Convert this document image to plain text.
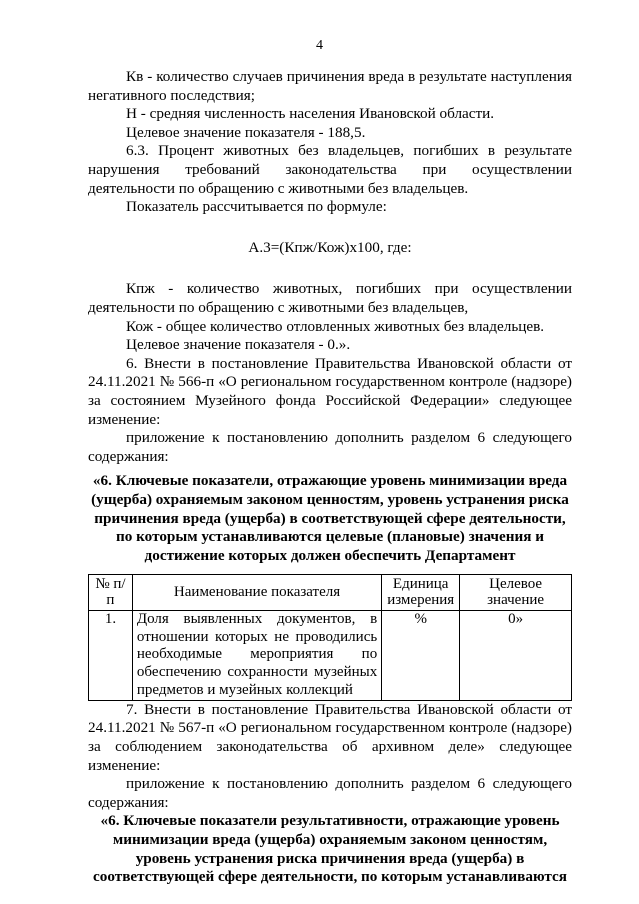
4

Кв - количество случаев причинения вреда в результате наступления негативного последствия;

Н - средняя численность населения Ивановской области.

Целевое значение показателя - 188,5.

6.3. Процент животных без владельцев, погибших в результате нарушения требований законодательства при осуществлении деятельности по обращению с животными без владельцев.

Показатель рассчитывается по формуле:

А.3=(Кпж/Кож)х100, где:

Кпж - количество животных, погибших при осуществлении деятельности по обращению с животными без владельцев,

Кож - общее количество отловленных животных без владельцев.

Целевое значение показателя - 0.».

6. Внести в постановление Правительства Ивановской области от 24.11.2021 № 566-п «О региональном государственном контроле (надзоре) за состоянием Музейного фонда Российской Федерации» следующее изменение:

приложение к постановлению дополнить разделом 6 следующего содержания:

«6. Ключевые показатели, отражающие уровень минимизации вреда (ущерба) охраняемым законом ценностям, уровень устранения риска причинения вреда (ущерба) в соответствующей сфере деятельности, по которым устанавливаются целевые (плановые) значения и достижение которых должен обеспечить Департамент

№ п/п	Наименование показателя	Единица измерения	Целевое значение
1.	Доля выявленных документов, в отношении которых не проводились необходимые мероприятия по обеспечению сохранности музейных предметов и музейных коллекций	%	0»

7. Внести в постановление Правительства Ивановской области от 24.11.2021 № 567-п «О региональном государственном контроле (надзоре) за соблюдением законодательства об архивном деле» следующее изменение:

приложение к постановлению дополнить разделом 6 следующего содержания:

«6. Ключевые показатели результативности, отражающие уровень минимизации вреда (ущерба) охраняемым законом ценностям, уровень устранения риска причинения вреда (ущерба) в соответствующей сфере деятельности, по которым устанавливаются
